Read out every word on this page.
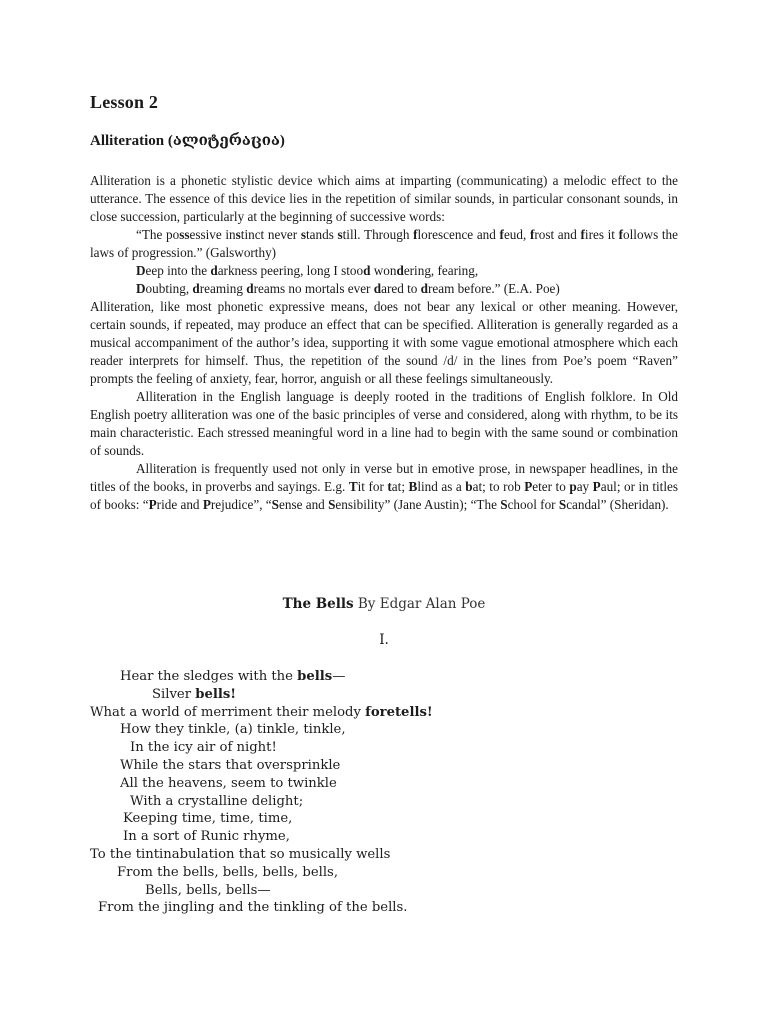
Lesson 2
Alliteration (ალიტერაცია)

Alliteration is a phonetic stylistic device which aims at imparting (communicating) a melodic effect to the utterance. The essence of this device lies in the repetition of similar sounds, in particular consonant sounds, in close succession, particularly at the beginning of successive words:

“The possessive instinct never stands still. Through florescence and feud, frost and fires it follows the laws of progression.” (Galsworthy)

Deep into the darkness peering, long I stood wondering, fearing,

Doubting, dreaming dreams no mortals ever dared to dream before.” (E.A. Poe)

Alliteration, like most phonetic expressive means, does not bear any lexical or other meaning. However, certain sounds, if repeated, may produce an effect that can be specified. Alliteration is generally regarded as a musical accompaniment of the author’s idea, supporting it with some vague emotional atmosphere which each reader interprets for himself. Thus, the repetition of the sound /d/ in the lines from Poe’s poem “Raven” prompts the feeling of anxiety, fear, horror, anguish or all these feelings simultaneously.

Alliteration in the English language is deeply rooted in the traditions of English folklore. In Old English poetry alliteration was one of the basic principles of verse and considered, along with rhythm, to be its main characteristic. Each stressed meaningful word in a line had to begin with the same sound or combination of sounds.

Alliteration is frequently used not only in verse but in emotive prose, in newspaper headlines, in the titles of the books, in proverbs and sayings. E.g. Tit for tat; Blind as a bat; to rob Peter to pay Paul; or in titles of books: “Pride and Prejudice”, “Sense and Sensibility” (Jane Austin); “The School for Scandal” (Sheridan).

The Bells By Edgar Alan Poe
I.
Hear the sledges with the bells—
Silver bells!
What a world of merriment their melody foretells!
How they tinkle, (a) tinkle, tinkle,
In the icy air of night!
While the stars that oversprinkle
All the heavens, seem to twinkle
With a crystalline delight;
Keeping time, time, time,
In a sort of Runic rhyme,
To the tintinabulation that so musically wells
From the bells, bells, bells, bells,
Bells, bells, bells—
From the jingling and the tinkling of the bells.
